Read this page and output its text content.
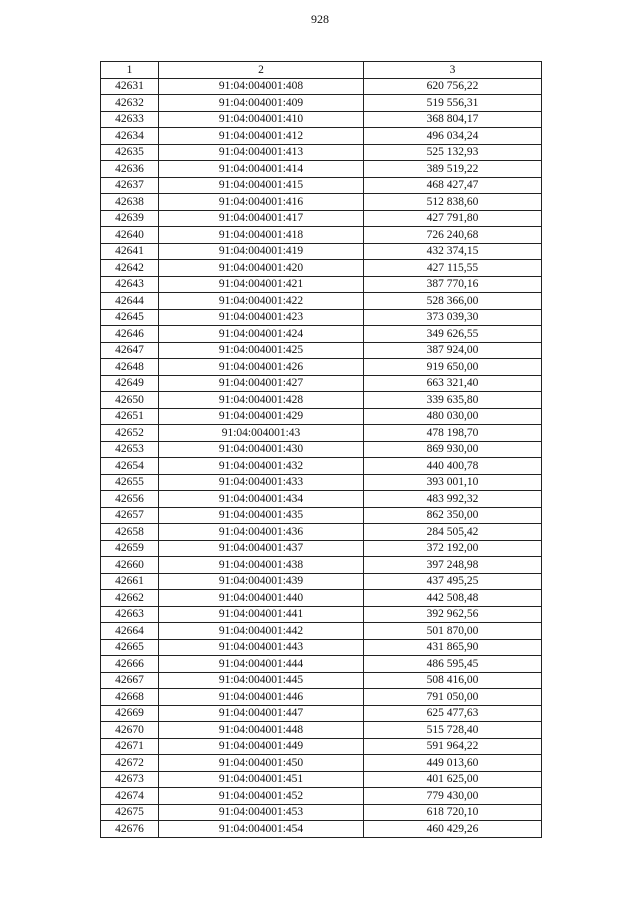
928
1	2	3
42631	91:04:004001:408	620 756,22
42632	91:04:004001:409	519 556,31
42633	91:04:004001:410	368 804,17
42634	91:04:004001:412	496 034,24
42635	91:04:004001:413	525 132,93
42636	91:04:004001:414	389 519,22
42637	91:04:004001:415	468 427,47
42638	91:04:004001:416	512 838,60
42639	91:04:004001:417	427 791,80
42640	91:04:004001:418	726 240,68
42641	91:04:004001:419	432 374,15
42642	91:04:004001:420	427 115,55
42643	91:04:004001:421	387 770,16
42644	91:04:004001:422	528 366,00
42645	91:04:004001:423	373 039,30
42646	91:04:004001:424	349 626,55
42647	91:04:004001:425	387 924,00
42648	91:04:004001:426	919 650,00
42649	91:04:004001:427	663 321,40
42650	91:04:004001:428	339 635,80
42651	91:04:004001:429	480 030,00
42652	91:04:004001:43	478 198,70
42653	91:04:004001:430	869 930,00
42654	91:04:004001:432	440 400,78
42655	91:04:004001:433	393 001,10
42656	91:04:004001:434	483 992,32
42657	91:04:004001:435	862 350,00
42658	91:04:004001:436	284 505,42
42659	91:04:004001:437	372 192,00
42660	91:04:004001:438	397 248,98
42661	91:04:004001:439	437 495,25
42662	91:04:004001:440	442 508,48
42663	91:04:004001:441	392 962,56
42664	91:04:004001:442	501 870,00
42665	91:04:004001:443	431 865,90
42666	91:04:004001:444	486 595,45
42667	91:04:004001:445	508 416,00
42668	91:04:004001:446	791 050,00
42669	91:04:004001:447	625 477,63
42670	91:04:004001:448	515 728,40
42671	91:04:004001:449	591 964,22
42672	91:04:004001:450	449 013,60
42673	91:04:004001:451	401 625,00
42674	91:04:004001:452	779 430,00
42675	91:04:004001:453	618 720,10
42676	91:04:004001:454	460 429,26
